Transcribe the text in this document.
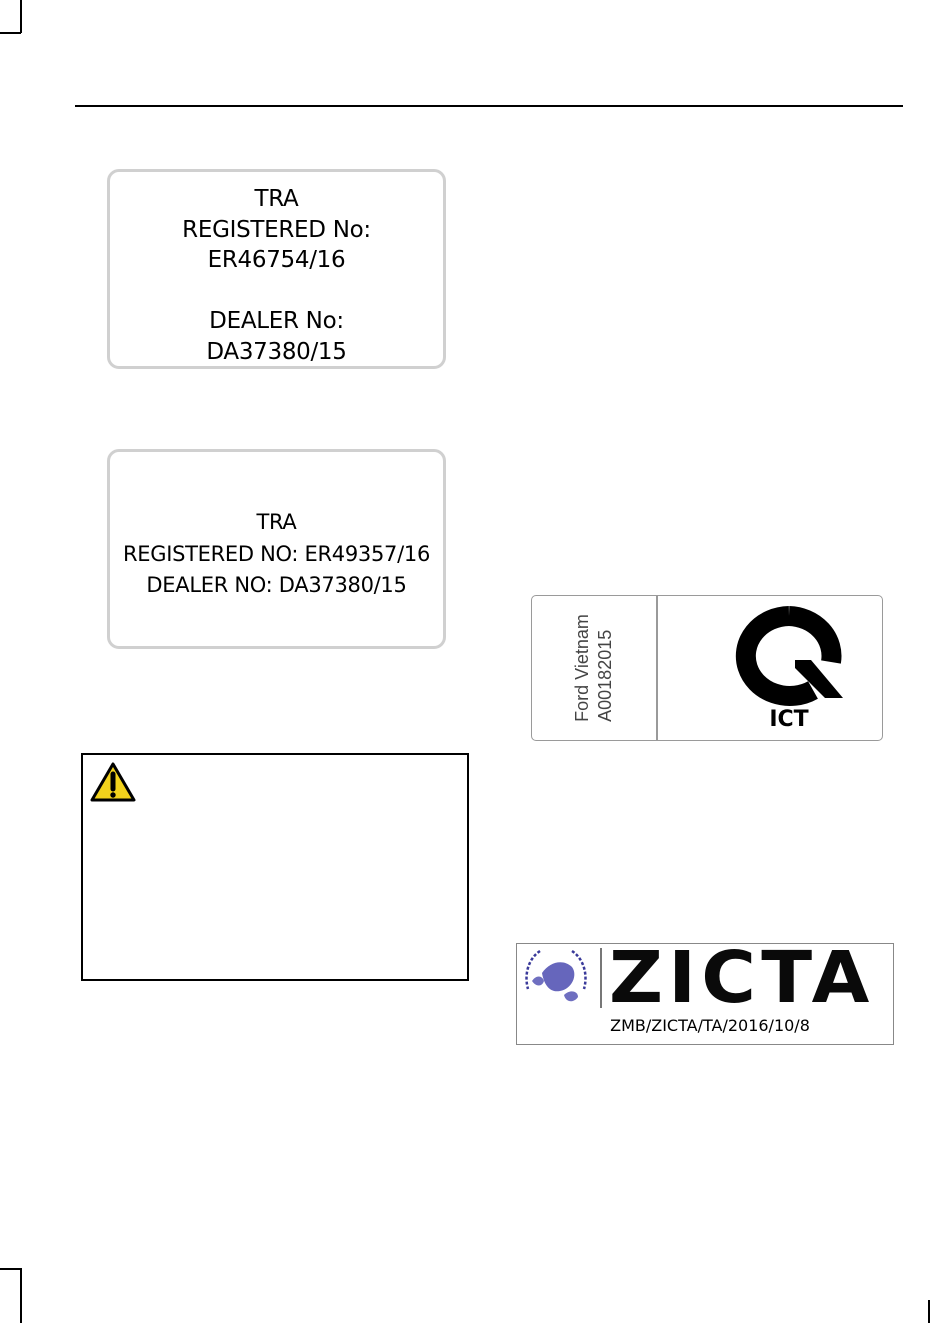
TRA
REGISTERED No:
ER46754/16
DEALER No:
DA37380/15
TRA
REGISTERED NO: ER49357/16
DEALER NO: DA37380/15
Ford Vietnam A00182015	ICT
ZICTA
ZMB/ZICTA/TA/2016/10/8
